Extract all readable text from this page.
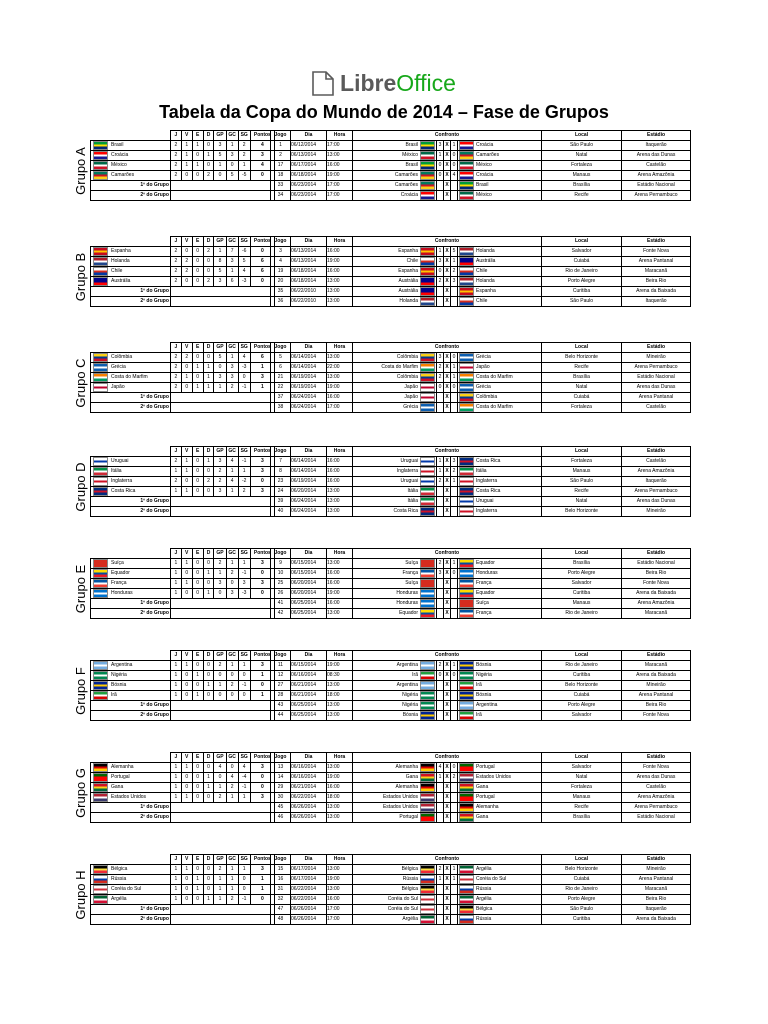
LibreOffice
Tabela da Copa do Mundo de 2014 – Fase de Grupos
Grupo A
	J	V	E	D	GP	GC	SG	Pontos

Brasil	2	1	1	0	3	1	2	4

Croácia	2	1	0	1	5	3	2	3

México	2	1	1	0	1	0	1	4

Camarões	2	0	0	2	0	5	-5	0
1º do Grupo								
2º do Grupo								
Jogo	Dia	Hora	Confronto					Local	Estádio
1	06/12/2014	17:00	Brasil	3	X	1	Croácia	São Paulo	Itaquerão
2	06/13/2014	13:00	México	1	X	0	Camarões	Natal	Arena das Dunas
17	06/17/2014	16:00	Brasil	0	X	0	México	Fortaleza	Castelão
18	06/18/2014	19:00	Camarões	0	X	4	Croácia	Manaus	Arena Amazônia
33	06/23/2014	17:00	Camarões		X		Brasil	Brasília	Estádio Nacional
34	06/23/2014	17:00	Croácia		X		México	Recife	Arena Pernambuco
Grupo B
	J	V	E	D	GP	GC	SG	Pontos

Espanha	2	0	0	2	1	7	-6	0

Holanda	2	2	0	0	8	3	5	6

Chile	2	2	0	0	5	1	4	6

Austrália	2	0	0	2	3	6	-3	0
1º do Grupo								
2º do Grupo								
Jogo	Dia	Hora	Confronto					Local	Estádio
3	06/13/2014	16:00	Espanha	1	X	5	Holanda	Salvador	Fonte Nova
4	06/13/2014	19:00	Chile	3	X	1	Austrália	Cuiabá	Arena Pantanal
19	06/18/2014	16:00	Espanha	0	X	2	Chile	Rio de Janeiro	Maracanã
20	06/18/2014	13:00	Austrália	2	X	3	Holanda	Porto Alegre	Beira Rio
35	06/22/2010	13:00	Austrália		X		Espanha	Curitiba	Arena da Baixada
36	06/22/2010	13:00	Holanda		X		Chile	São Paulo	Itaquerão
Grupo C
	J	V	E	D	GP	GC	SG	Pontos

Colômbia	2	2	0	0	5	1	4	6

Grécia	2	0	1	1	0	3	-3	1

Costa do Marfim	2	1	0	1	3	3	0	3

Japão	2	0	1	1	1	2	-1	1
1º do Grupo								
2º do Grupo								
Jogo	Dia	Hora	Confronto					Local	Estádio
5	06/14/2014	13:00	Colômbia	3	X	0	Grécia	Belo Horizonte	Mineirão
6	06/14/2014	22:00	Costa do Marfim	2	X	1	Japão	Recife	Arena Pernambuco
21	06/19/2014	13:00	Colômbia	2	X	1	Costa do Marfim	Brasília	Estádio Nacional
22	06/19/2014	19:00	Japão	0	X	0	Grécia	Natal	Arena das Dunas
37	06/24/2014	16:00	Japão		X		Colômbia	Cuiabá	Arena Pantanal
38	06/24/2014	17:00	Grécia		X		Costa do Marfim	Fortaleza	Castelão
Grupo D
	J	V	E	D	GP	GC	SG	Pontos

Uruguai	2	1	0	1	3	4	-1	3

Itália	1	1	0	0	2	1	1	3

Inglaterra	2	0	0	2	2	4	-2	0

Costa Rica	1	1	0	0	3	1	2	3
1º do Grupo								
2º do Grupo								
Jogo	Dia	Hora	Confronto					Local	Estádio
7	06/14/2014	16:00	Uruguai	1	X	3	Costa Rica	Fortaleza	Castelão
8	06/14/2014	16:00	Inglaterra	1	X	2	Itália	Manaus	Arena Amazônia
23	06/19/2014	16:00	Uruguai	2	X	1	Inglaterra	São Paulo	Itaquerão
24	06/20/2014	13:00	Itália		X		Costa Rica	Recife	Arena Pernambuco
39	06/24/2014	13:00	Itália		X		Uruguai	Natal	Arena das Dunas
40	06/24/2014	13:00	Costa Rica		X		Inglaterra	Belo Horizonte	Mineirão
Grupo E
	J	V	E	D	GP	GC	SG	Pontos

Suíça	1	1	0	0	2	1	1	3

Equador	1	0	0	1	1	2	-1	0

França	1	1	0	0	3	0	3	3

Honduras	1	0	0	1	0	3	-3	0
1º do Grupo								
2º do Grupo								
Jogo	Dia	Hora	Confronto					Local	Estádio
9	06/15/2014	13:00	Suíça	2	X	1	Equador	Brasília	Estádio Nacional
10	06/15/2014	16:00	França	3	X	0	Honduras	Porto Alegre	Beira Rio
25	06/20/2014	16:00	Suíça		X		França	Salvador	Fonte Nova
26	06/20/2014	19:00	Honduras		X		Equador	Curitiba	Arena da Baixada
41	06/25/2014	16:00	Honduras		X		Suíça	Manaus	Arena Amazônia
42	06/25/2014	13:00	Equador		X		França	Rio de Janeiro	Maracanã
Grupo F
	J	V	E	D	GP	GC	SG	Pontos

Argentina	1	1	0	0	2	1	1	3

Nigéria	1	0	1	0	0	0	0	1

Bósnia	1	0	0	1	1	2	-1	0

Irã	1	0	1	0	0	0	0	1
1º do Grupo								
2º do Grupo								
Jogo	Dia	Hora	Confronto					Local	Estádio
11	06/15/2014	19:00	Argentina	2	X	1	Bósnia	Rio de Janeiro	Maracanã
12	06/16/2014	08:30	Irã	0	X	0	Nigéria	Curitiba	Arena da Baixada
27	06/21/2014	13:00	Argentina		X		Irã	Belo Horizonte	Mineirão
28	06/21/2014	18:00	Nigéria		X		Bósnia	Cuiabá	Arena Pantanal
43	06/25/2014	13:00	Nigéria		X		Argentina	Porto Alegre	Beira Rio
44	06/25/2014	13:00	Bósnia		X		Irã	Salvador	Fonte Nova
Grupo G
	J	V	E	D	GP	GC	SG	Pontos

Alemanha	1	1	0	0	4	0	4	3

Portugal	1	0	0	1	0	4	-4	0

Gana	1	0	0	1	1	2	-1	0

Estados Unidos	1	1	0	0	2	1	1	3
1º do Grupo								
2º do Grupo								
Jogo	Dia	Hora	Confronto					Local	Estádio
13	06/16/2014	13:00	Alemanha	4	X	0	Portugal	Salvador	Fonte Nova
14	06/16/2014	19:00	Gana	1	X	2	Estados Unidos	Natal	Arena das Dunas
29	06/21/2014	16:00	Alemanha		X		Gana	Fortaleza	Castelão
30	06/22/2014	18:00	Estados Unidos		X		Portugal	Manaus	Arena Amazônia
45	06/26/2014	13:00	Estados Unidos		X		Alemanha	Recife	Arena Pernambuco
46	06/26/2014	13:00	Portugal		X		Gana	Brasília	Estádio Nacional
Grupo H
	J	V	E	D	GP	GC	SG	Pontos

Bélgica	1	1	0	0	2	1	1	3

Rússia	1	0	1	0	1	1	0	1

Coréia do Sul	1	0	1	0	1	1	0	1

Argélia	1	0	0	1	1	2	-1	0
1º do Grupo								
2º do Grupo								
Jogo	Dia	Hora	Confronto					Local	Estádio
15	06/17/2014	13:00	Bélgica	2	X	1	Argélia	Belo Horizonte	Mineirão
16	06/17/2014	19:00	Rússia	1	X	1	Coréia do Sul	Cuiabá	Arena Pantanal
31	06/22/2014	13:00	Bélgica		X		Rússia	Rio de Janeiro	Maracanã
32	06/22/2014	16:00	Coréia do Sul		X		Argélia	Porto Alegre	Beira Rio
47	06/26/2014	17:00	Coréia do Sul		X		Bélgica	São Paulo	Itaquerão
48	06/26/2014	17:00	Argélia		X		Rússia	Curitiba	Arena da Baixada
